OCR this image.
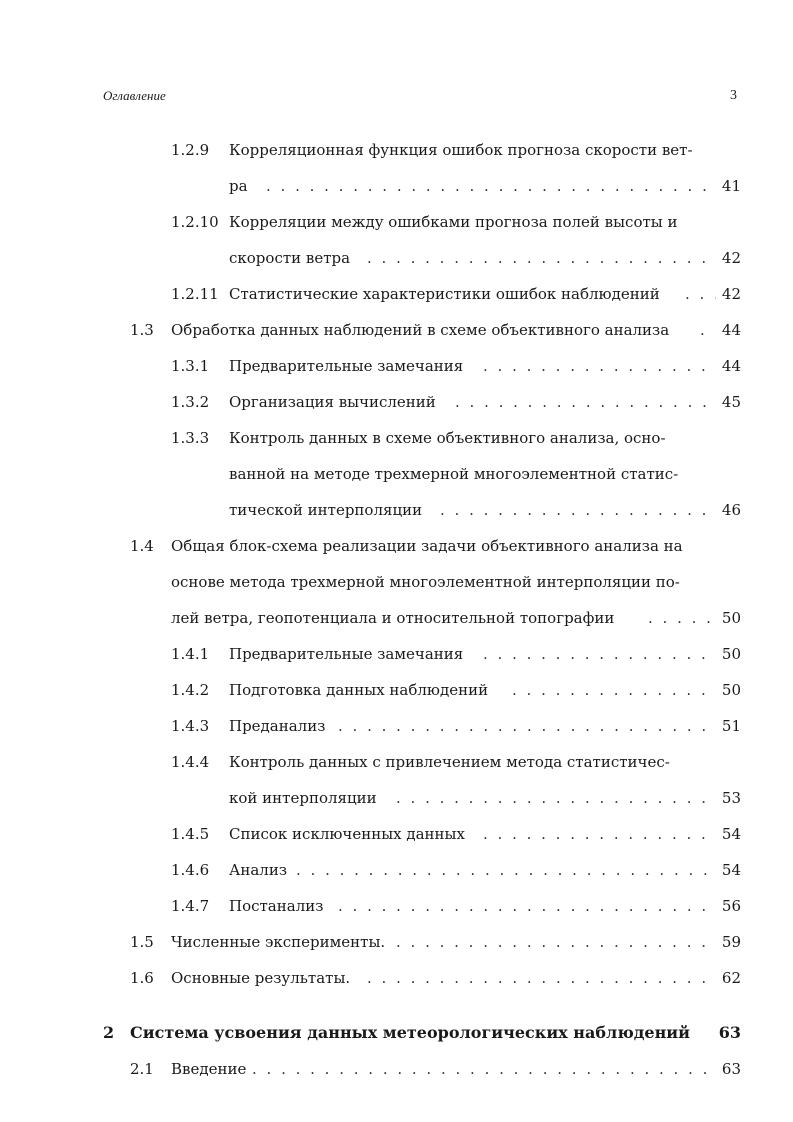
Оглавление	3
1.2.9 Корреляционная функция ошибок прогноза скорости вет-
ра . . .	41
1.2.10 Корреляции между ошибками прогноза полей высоты и
скорости ветра . . .	42
1.2.11 Статистические характеристики ошибок наблюдений . . .	42
1.3 Обработка данных наблюдений в схеме объективного анализа . . .	44
1.3.1 Предварительные замечания . . .	44
1.3.2 Организация вычислений . . .	45
1.3.3 Контроль данных в схеме объективного анализа, осно-
ванной на методе трехмерной многоэлементной статис-
тической интерполяции . . .	46
1.4 Общая блок-схема реализации задачи объективного анализа на
основе метода трехмерной многоэлементной интерполяции по-
лей ветра, геопотенциала и относительной топографии . . .	50
1.4.1 Предварительные замечания . . .	50
1.4.2 Подготовка данных наблюдений . . .	50
1.4.3 Преданализ . . .	51
1.4.4 Контроль данных с привлечением метода статистичес-
кой интерполяции . . .	53
1.4.5 Список исключенных данных . . .	54
1.4.6 Анализ . . .	54
1.4.7 Постанализ . . .	56
1.5 Численные эксперименты. . . .	59
1.6 Основные результаты. . . .	62
2 Система усвоения данных метеорологических наблюдений	63
2.1 Введение . . .	63
